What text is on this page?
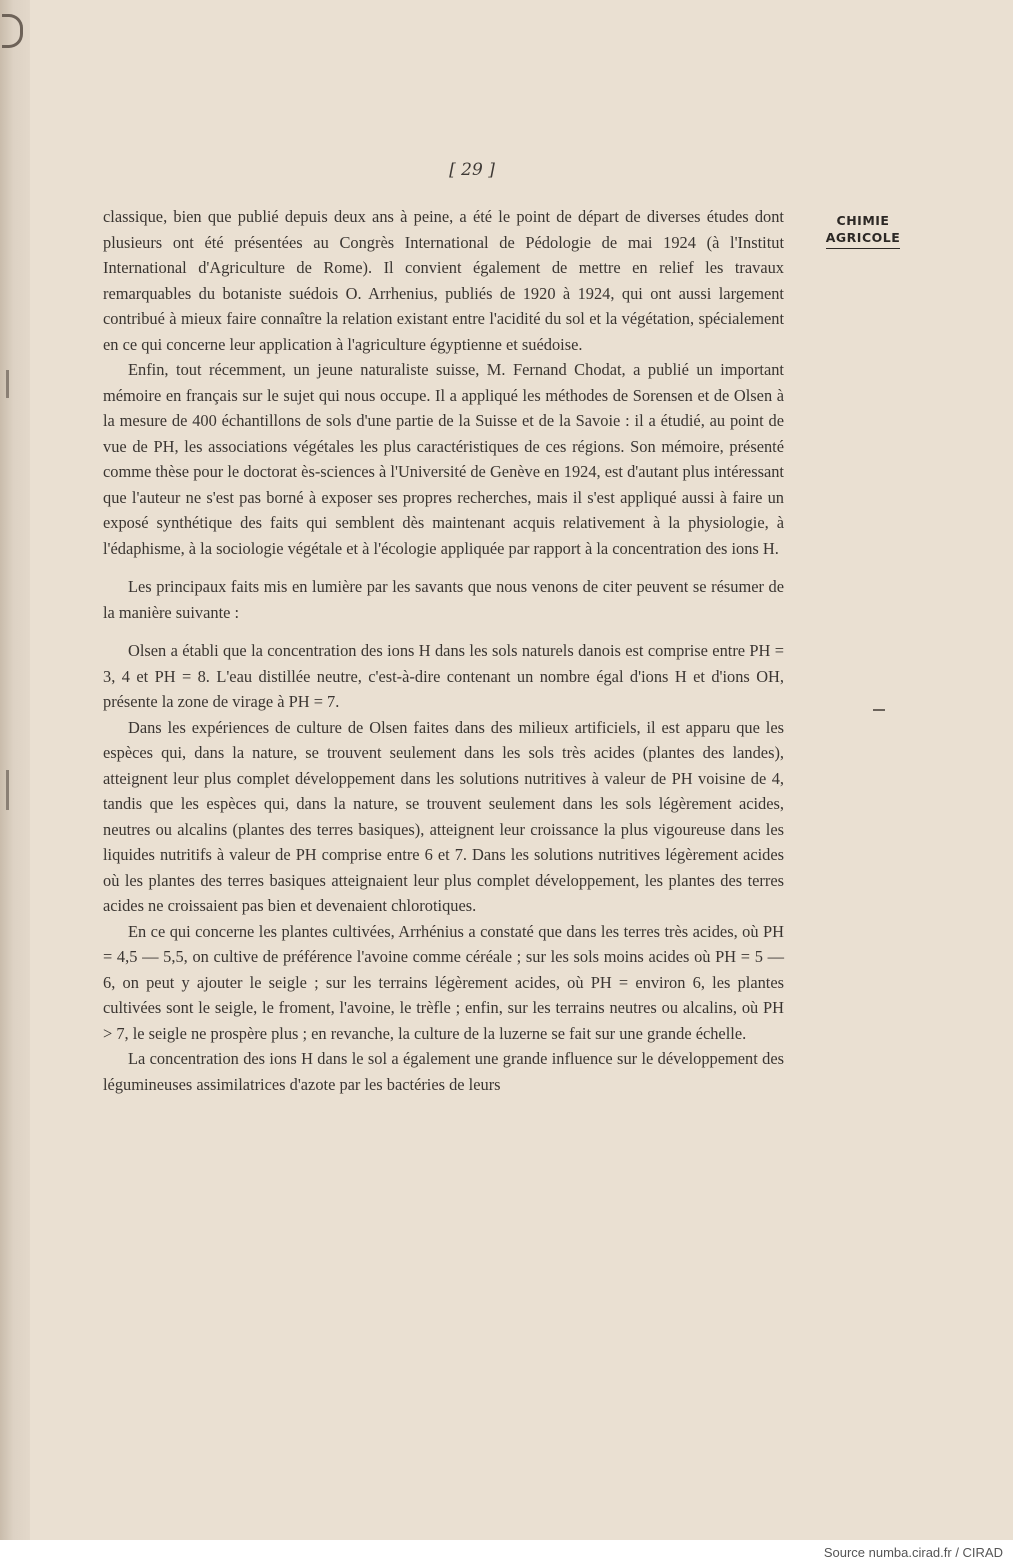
[ 29 ]
CHIMIE
AGRICOLE

classique, bien que publié depuis deux ans à peine, a été le point de départ de diverses études dont plusieurs ont été présentées au Congrès International de Pédologie de mai 1924 (à l'Institut International d'Agriculture de Rome). Il convient également de mettre en relief les travaux remarquables du botaniste suédois O. Arrhenius, publiés de 1920 à 1924, qui ont aussi largement contribué à mieux faire connaître la relation existant entre l'acidité du sol et la végétation, spécialement en ce qui concerne leur application à l'agriculture égyptienne et suédoise.

Enfin, tout récemment, un jeune naturaliste suisse, M. Fernand Chodat, a publié un important mémoire en français sur le sujet qui nous occupe. Il a appliqué les méthodes de Sorensen et de Olsen à la mesure de 400 échantillons de sols d'une partie de la Suisse et de la Savoie : il a étudié, au point de vue de PH, les associations végétales les plus caractéristiques de ces régions. Son mémoire, présenté comme thèse pour le doctorat ès-sciences à l'Université de Genève en 1924, est d'autant plus intéressant que l'auteur ne s'est pas borné à exposer ses propres recherches, mais il s'est appliqué aussi à faire un exposé synthétique des faits qui semblent dès maintenant acquis relativement à la physiologie, à l'édaphisme, à la sociologie végétale et à l'écologie appliquée par rapport à la concentration des ions H.

Les principaux faits mis en lumière par les savants que nous venons de citer peuvent se résumer de la manière suivante :

Olsen a établi que la concentration des ions H dans les sols naturels danois est comprise entre PH = 3, 4 et PH = 8. L'eau distillée neutre, c'est-à-dire contenant un nombre égal d'ions H et d'ions OH, présente la zone de virage à PH = 7.

Dans les expériences de culture de Olsen faites dans des milieux artificiels, il est apparu que les espèces qui, dans la nature, se trouvent seulement dans les sols très acides (plantes des landes), atteignent leur plus complet développement dans les solutions nutritives à valeur de PH voisine de 4, tandis que les espèces qui, dans la nature, se trouvent seulement dans les sols légèrement acides, neutres ou alcalins (plantes des terres basiques), atteignent leur croissance la plus vigoureuse dans les liquides nutritifs à valeur de PH comprise entre 6 et 7. Dans les solutions nutritives légèrement acides où les plantes des terres basiques atteignaient leur plus complet développement, les plantes des terres acides ne croissaient pas bien et devenaient chlorotiques.

En ce qui concerne les plantes cultivées, Arrhénius a constaté que dans les terres très acides, où PH = 4,5 — 5,5, on cultive de préférence l'avoine comme céréale ; sur les sols moins acides où PH = 5 — 6, on peut y ajouter le seigle ; sur les terrains légèrement acides, où PH = environ 6, les plantes cultivées sont le seigle, le froment, l'avoine, le trèfle ; enfin, sur les terrains neutres ou alcalins, où PH > 7, le seigle ne prospère plus ; en revanche, la culture de la luzerne se fait sur une grande échelle.

La concentration des ions H dans le sol a également une grande influence sur le développement des légumineuses assimilatrices d'azote par les bactéries de leurs

Source numba.cirad.fr / CIRAD
